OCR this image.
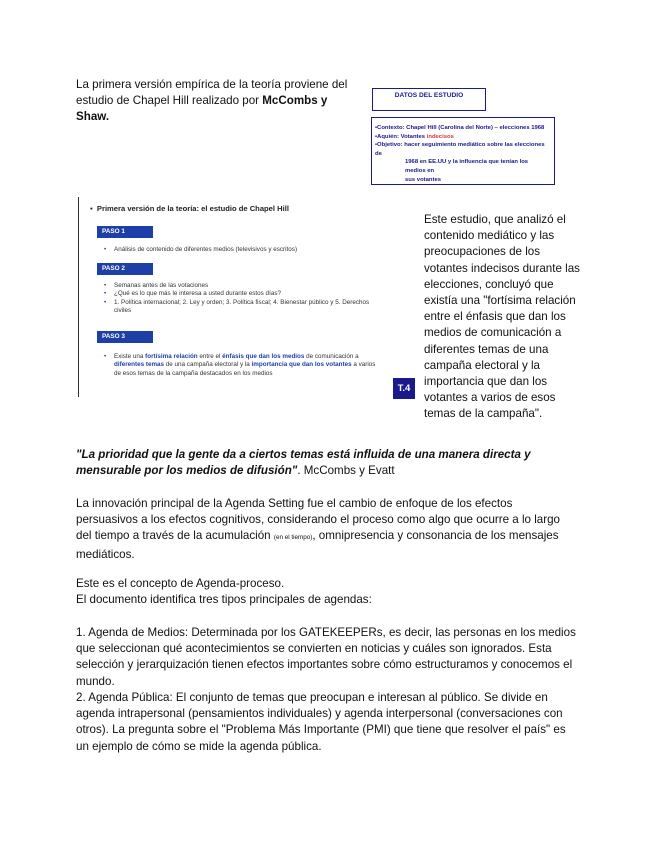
La primera versión empírica de la teoría proviene del estudio de Chapel Hill realizado por McCombs y Shaw.
DATOS DEL ESTUDIO
•Contexto: Chapel Hill (Carolina del Norte) – elecciones 1968
•Aquién: Votantes indecisos
•Objetivo: hacer seguimiento mediático sobre las elecciones de
1968 en EE.UU y la influencia que tenían los medios en
sus votantes
▪  Primera versión de la teoría: el estudio de Chapel Hill
PASO 1
• Análisis de contenido de diferentes medios (televisivos y escritos)
PASO 2
• Semanas antes de las votaciones
• ¿Qué es lo que más le interesa a usted durante estos días?
• 1. Política internacional; 2. Ley y orden; 3. Política fiscal; 4. Bienestar público y 5. Derechos civiles
PASO 3
• Existe una fortísima relación entre el énfasis que dan los medios de comunicación a diferentes temas de una campaña electoral y la importancia que dan los votantes a varios de esos temas de la campaña destacados en los medios
T.4
Este estudio, que analizó el contenido mediático y las preocupaciones de los votantes indecisos durante las elecciones, concluyó que existía una "fortísima relación entre el énfasis que dan los medios de comunicación a diferentes temas de una campaña electoral y la importancia que dan los votantes a varios de esos temas de la campaña".
"La prioridad que la gente da a ciertos temas está influida de una manera directa y mensurable por los medios de difusión". McCombs y Evatt
La innovación principal de la Agenda Setting fue el cambio de enfoque de los efectos persuasivos a los efectos cognitivos, considerando el proceso como algo que ocurre a lo largo del tiempo a través de la acumulación (en el tiempo), omnipresencia y consonancia de los mensajes mediáticos.
Este es el concepto de Agenda-proceso.
El documento identifica tres tipos principales de agendas:
1. Agenda de Medios: Determinada por los GATEKEEPERs, es decir, las personas en los medios que seleccionan qué acontecimientos se convierten en noticias y cuáles son ignorados. Esta selección y jerarquización tienen efectos importantes sobre cómo estructuramos y conocemos el mundo.
2. Agenda Pública: El conjunto de temas que preocupan e interesan al público. Se divide en agenda intrapersonal (pensamientos individuales) y agenda interpersonal (conversaciones con otros). La pregunta sobre el "Problema Más Importante (PMI) que tiene que resolver el país" es un ejemplo de cómo se mide la agenda pública.
